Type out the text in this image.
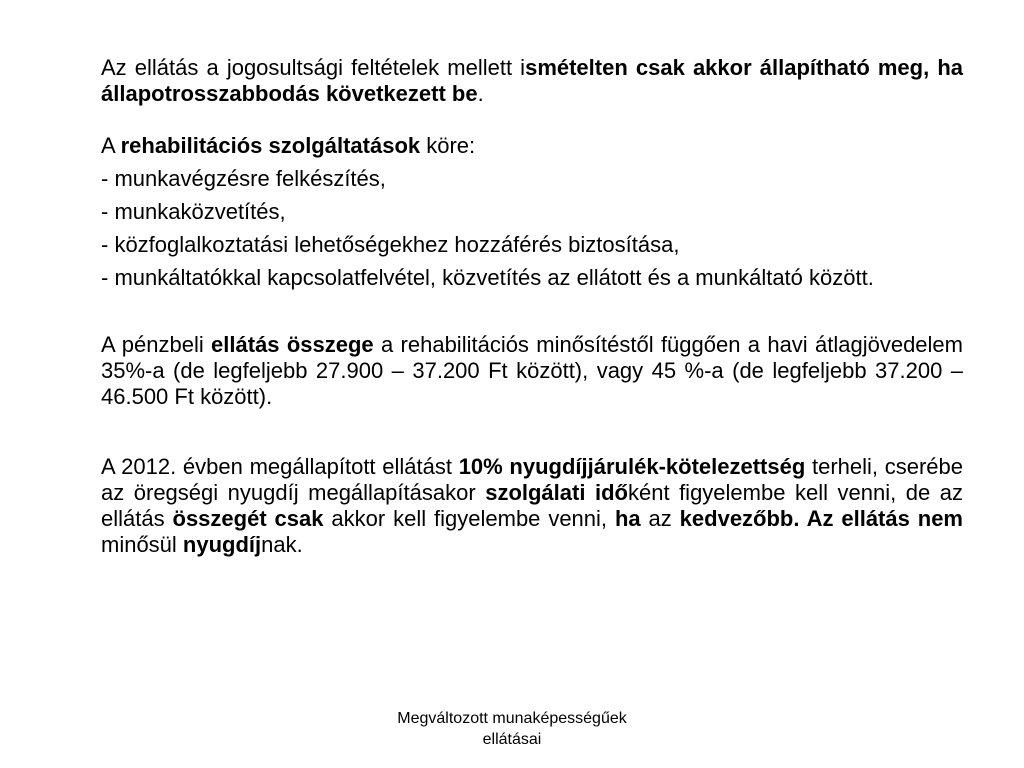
Az ellátás a jogosultsági feltételek mellett ismételten csak akkor állapítható meg, ha állapotrosszabbodás következett be.

A rehabilitációs szolgáltatások köre:

- munkavégzésre felkészítés,

- munkaközvetítés,

- közfoglalkoztatási lehetőségekhez hozzáférés biztosítása,

- munkáltatókkal kapcsolatfelvétel, közvetítés az ellátott és a munkáltató között.

A pénzbeli ellátás összege a rehabilitációs minősítéstől függően a havi átlagjövedelem 35%-a (de legfeljebb 27.900 – 37.200 Ft között), vagy 45 %-a (de legfeljebb 37.200 – 46.500 Ft között).

A 2012. évben megállapított ellátást 10% nyugdíjjárulék-kötelezettség terheli, cserébe az öregségi nyugdíj megállapításakor szolgálati időként figyelembe kell venni, de az ellátás összegét csak akkor kell figyelembe venni, ha az kedvezőbb. Az ellátás nem minősül nyugdíjnak.

Megváltozott munaképességűek
ellátásai
